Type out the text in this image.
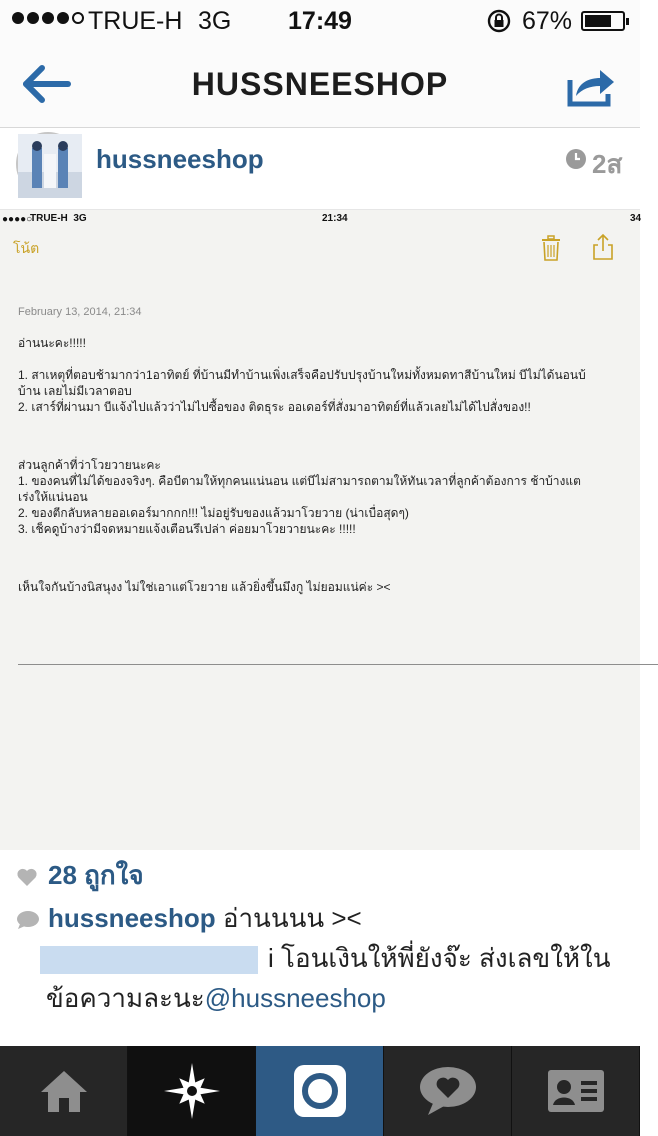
TRUE-H 3G	17:49	67%
HUSSNEESHOP
hussneeshop	2ส
●●●●○
TRUE-H 3G	21:34	34
โน้ต
February 13, 2014, 21:34
อ่านนะคะ!!!!!
1. สาเหตุที่ตอบช้ามากว่า1อาทิตย์ ที่บ้านมีทำบ้านเพิ่งเสร็จคือปรับปรุงบ้านใหม่ทั้งหมดทาสีบ้านใหม่ บีไม่ได้นอนบ้
บ้าน เลยไม่มีเวลาตอบ
2. เสาร์ที่ผ่านมา บีแจ้งไปแล้วว่าไม่ไปซื้อของ ติดธุระ ออเดอร์ที่สั่งมาอาทิตย์ที่แล้วเลยไม่ได้ไปสั่งของ!!
ส่วนลูกค้าที่ว่าโวยวายนะคะ
1. ของคนที่ไม่ได้ของจริงๆ. คือบีตามให้ทุกคนแน่นอน แต่บีไม่สามารถตามให้ทันเวลาที่ลูกค้าต้องการ ช้าบ้างแต
เร่งให้แน่นอน
2. ของตีกลับหลายออเดอร์มากกก!!! ไม่อยู่รับของแล้วมาโวยวาย (น่าเบื่อสุดๆ)
3. เช็คดูบ้างว่ามีจดหมายแจ้งเตือนรึเปล่า ค่อยมาโวยวายนะคะ !!!!!
เห็นใจกันบ้างนิสนุงง ไม่ใช่เอาแต่โวยวาย แล้วยิ่งขึ้นมึงกู ไม่ยอมแน่ค่ะ ><
28 ถูกใจ
hussneeshop อ่านนนน ><
i โอนเงินให้พี่ยังจ๊ะ ส่งเลขให้ใน
ข้อความละนะ@hussneeshop
